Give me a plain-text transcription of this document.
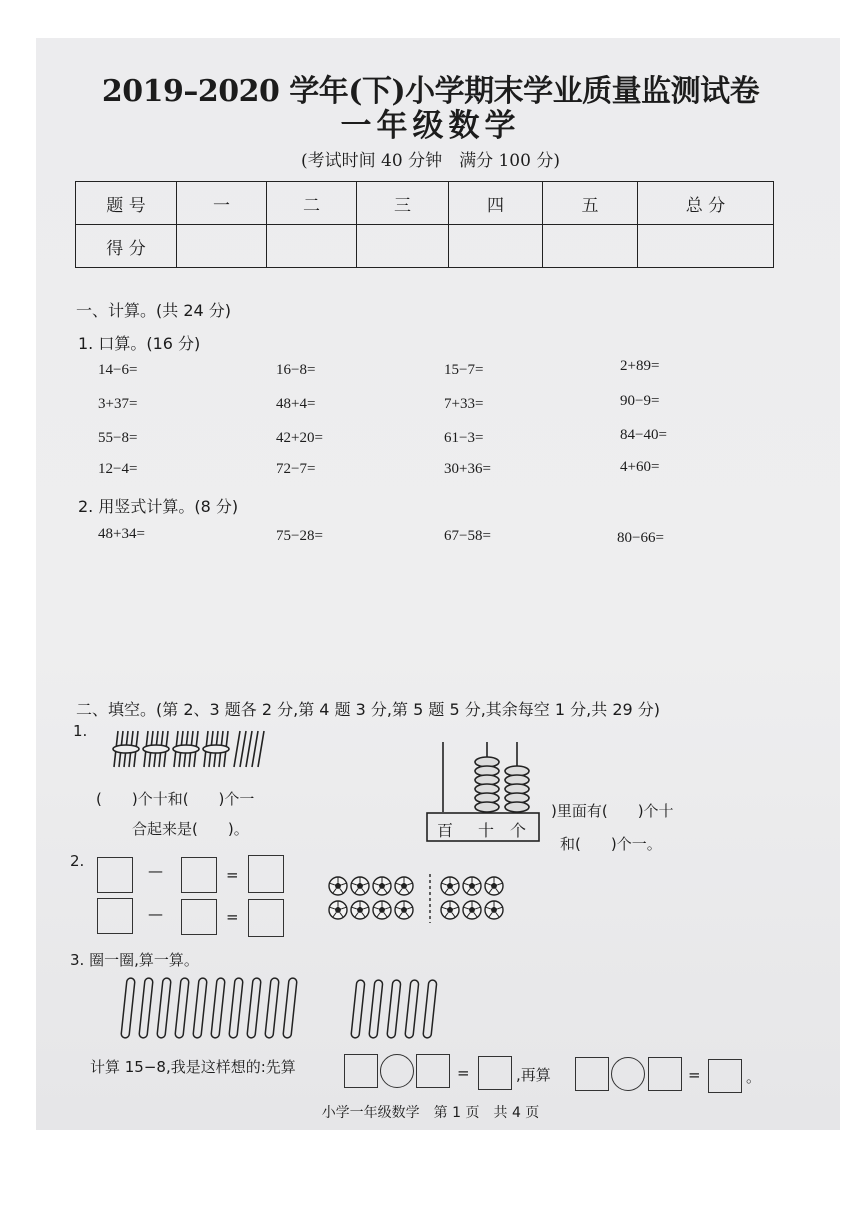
2019–2020 学年(下)小学期末学业质量监测试卷
一年级数学
(考试时间 40 分钟　满分 100 分)
题 号	一	二	三	四	五	总 分
得 分						
一、计算。(共 24 分)
1. 口算。(16 分)
14−6=	16−8=	15−7=	2+89=
3+37=	48+4=	7+33=	90−9=
55−8=	42+20=	61−3=	84−40=
12−4=	72−7=	30+36=	4+60=
2. 用竖式计算。(8 分)
48+34=	75−28=	67−58=	80−66=
二、填空。(第 2、3 题各 2 分,第 4 题 3 分,第 5 题 5 分,其余每空 1 分,共 29 分)
1.
(　　)个十和(　　)个一
合起来是(　　)。	百 十 个
)里面有(　　)个十
和(　　)个一。
2.
—	=
—	=
3. 圈一圈,算一算。
计算 15−8,我是这样想的:先算	=	,再算	=	。
小学一年级数学　第 1 页　共 4 页
